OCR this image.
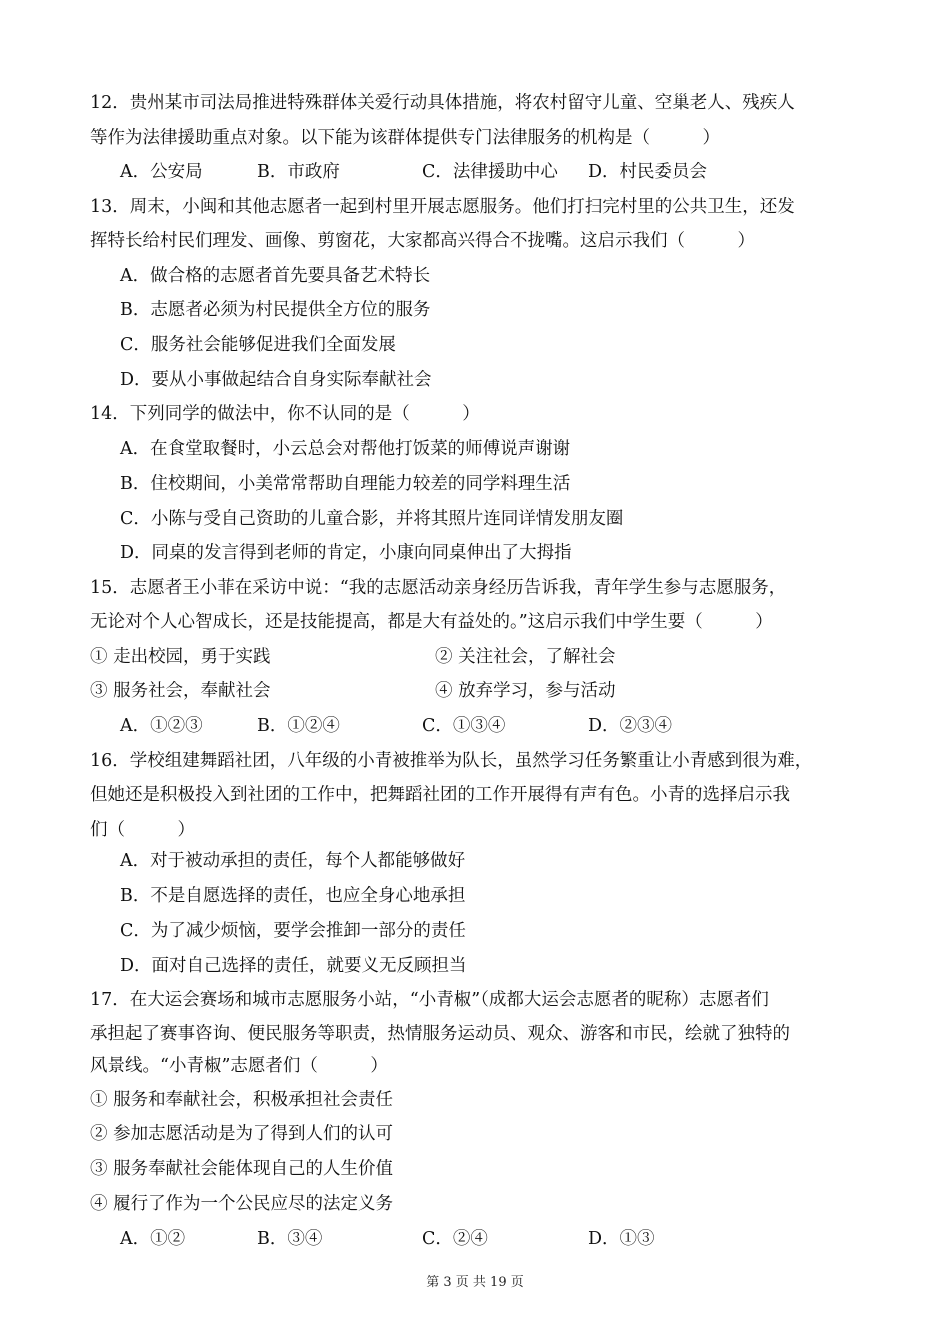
12．贵州某市司法局推进特殊群体关爱行动具体措施，将农村留守儿童、空巢老人、残疾人
等作为法律援助重点对象。以下能为该群体提供专门法律服务的机构是（　　　）
A．公安局	B．市政府	C．法律援助中心 D．村民委员会
13．周末，小闽和其他志愿者一起到村里开展志愿服务。他们打扫完村里的公共卫生，还发
挥特长给村民们理发、画像、剪窗花，大家都高兴得合不拢嘴。这启示我们（　　　）
A．做合格的志愿者首先要具备艺术特长
B．志愿者必须为村民提供全方位的服务
C．服务社会能够促进我们全面发展
D．要从小事做起结合自身实际奉献社会
14．下列同学的做法中，你不认同的是（　　　）
A．在食堂取餐时，小云总会对帮他打饭菜的师傅说声谢谢
B．住校期间，小美常常帮助自理能力较差的同学料理生活
C．小陈与受自己资助的儿童合影，并将其照片连同详情发朋友圈
D．同桌的发言得到老师的肯定，小康向同桌伸出了大拇指
15．志愿者王小菲在采访中说：“我的志愿活动亲身经历告诉我，青年学生参与志愿服务，
无论对个人心智成长，还是技能提高，都是大有益处的。”这启示我们中学生要（　　　）
① 走出校园，勇于实践	② 关注社会，了解社会
③ 服务社会，奉献社会	④ 放弃学习，参与活动
A．①②③	B．①②④	C．①③④	D．②③④
16．学校组建舞蹈社团，八年级的小青被推举为队长，虽然学习任务繁重让小青感到很为难，
但她还是积极投入到社团的工作中，把舞蹈社团的工作开展得有声有色。小青的选择启示我
们（　　　）
A．对于被动承担的责任，每个人都能够做好
B．不是自愿选择的责任，也应全身心地承担
C．为了减少烦恼，要学会推卸一部分的责任
D．面对自己选择的责任，就要义无反顾担当
17．在大运会赛场和城市志愿服务小站，“小青椒”（成都大运会志愿者的昵称）志愿者们
承担起了赛事咨询、便民服务等职责，热情服务运动员、观众、游客和市民，绘就了独特的
风景线。“小青椒”志愿者们（　　　）
① 服务和奉献社会，积极承担社会责任
② 参加志愿活动是为了得到人们的认可
③ 服务奉献社会能体现自己的人生价值
④ 履行了作为一个公民应尽的法定义务
A．①②	B．③④	C．②④	D．①③
第 3 页 共 19 页
